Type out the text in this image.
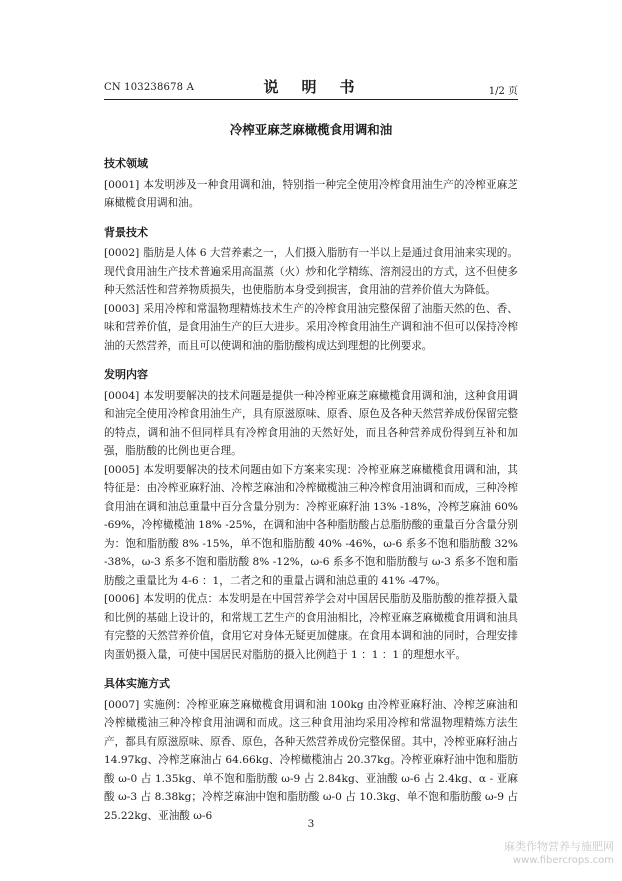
CN 103238678 A	说　明　书	1/2 页
冷榨亚麻芝麻橄榄食用调和油
技术领域

[0001] 本发明涉及一种食用调和油，特别指一种完全使用冷榨食用油生产的冷榨亚麻芝麻橄榄食用调和油。

背景技术

[0002] 脂肪是人体 6 大营养素之一，人们摄入脂肪有一半以上是通过食用油来实现的。现代食用油生产技术普遍采用高温蒸（火）炒和化学精练、溶剂浸出的方式，这不但使多种天然活性和营养物质损失，也使脂肪本身受到损害，食用油的营养价值大为降低。

[0003] 采用冷榨和常温物理精炼技术生产的冷榨食用油完整保留了油脂天然的色、香、味和营养价值，是食用油生产的巨大进步。采用冷榨食用油生产调和油不但可以保持冷榨油的天然营养，而且可以使调和油的脂肪酸构成达到理想的比例要求。

发明内容

[0004] 本发明要解决的技术问题是提供一种冷榨亚麻芝麻橄榄食用调和油，这种食用调和油完全使用冷榨食用油生产，具有原滋原味、原香、原色及各种天然营养成份保留完整的特点，调和油不但同样具有冷榨食用油的天然好处，而且各种营养成份得到互补和加强，脂肪酸的比例也更合理。

[0005] 本发明要解决的技术问题由如下方案来实现：冷榨亚麻芝麻橄榄食用调和油，其特征是：由冷榨亚麻籽油、冷榨芝麻油和冷榨橄榄油三种冷榨食用油调和而成，三种冷榨食用油在调和油总重量中百分含量分别为：冷榨亚麻籽油 13% -18%，冷榨芝麻油 60% -69%，冷榨橄榄油 18% -25%，在调和油中各种脂肪酸占总脂肪酸的重量百分含量分别为：饱和脂肪酸 8% -15%，单不饱和脂肪酸 40% -46%，ω-6 系多不饱和脂肪酸 32% -38%，ω-3 系多不饱和脂肪酸 8% -12%，ω-6 系多不饱和脂肪酸与 ω-3 系多不饱和脂肪酸之重量比为 4-6 ：1，二者之和的重量占调和油总重的 41% -47%。

[0006] 本发明的优点：本发明是在中国营养学会对中国居民脂肪及脂肪酸的推荐摄入量和比例的基础上设计的，和常规工艺生产的食用油相比，冷榨亚麻芝麻橄榄食用调和油具有完整的天然营养价值，食用它对身体无疑更加健康。在食用本调和油的同时，合理安排肉蛋奶摄入量，可使中国居民对脂肪的摄入比例趋于 1 ：1 ：1 的理想水平。

具体实施方式

[0007] 实施例：冷榨亚麻芝麻橄榄食用调和油 100kg 由冷榨亚麻籽油、冷榨芝麻油和冷榨橄榄油三种冷榨食用油调和而成。这三种食用油均采用冷榨和常温物理精炼方法生产，都具有原滋原味、原香、原色，各种天然营养成份完整保留。其中，冷榨亚麻籽油占 14.97kg、冷榨芝麻油占 64.66kg、冷榨橄榄油占 20.37kg。冷榨亚麻籽油中饱和脂肪酸 ω-0 占 1.35kg、单不饱和脂肪酸 ω-9 占 2.84kg、亚油酸 ω-6 占 2.4kg、α - 亚麻酸 ω-3 占 8.38kg；冷榨芝麻油中饱和脂肪酸 ω-0 占 10.3kg、单不饱和脂肪酸 ω-9 占 25.22kg、亚油酸 ω-6

3
麻类作物营养与施肥网
www.fibercrops.com
